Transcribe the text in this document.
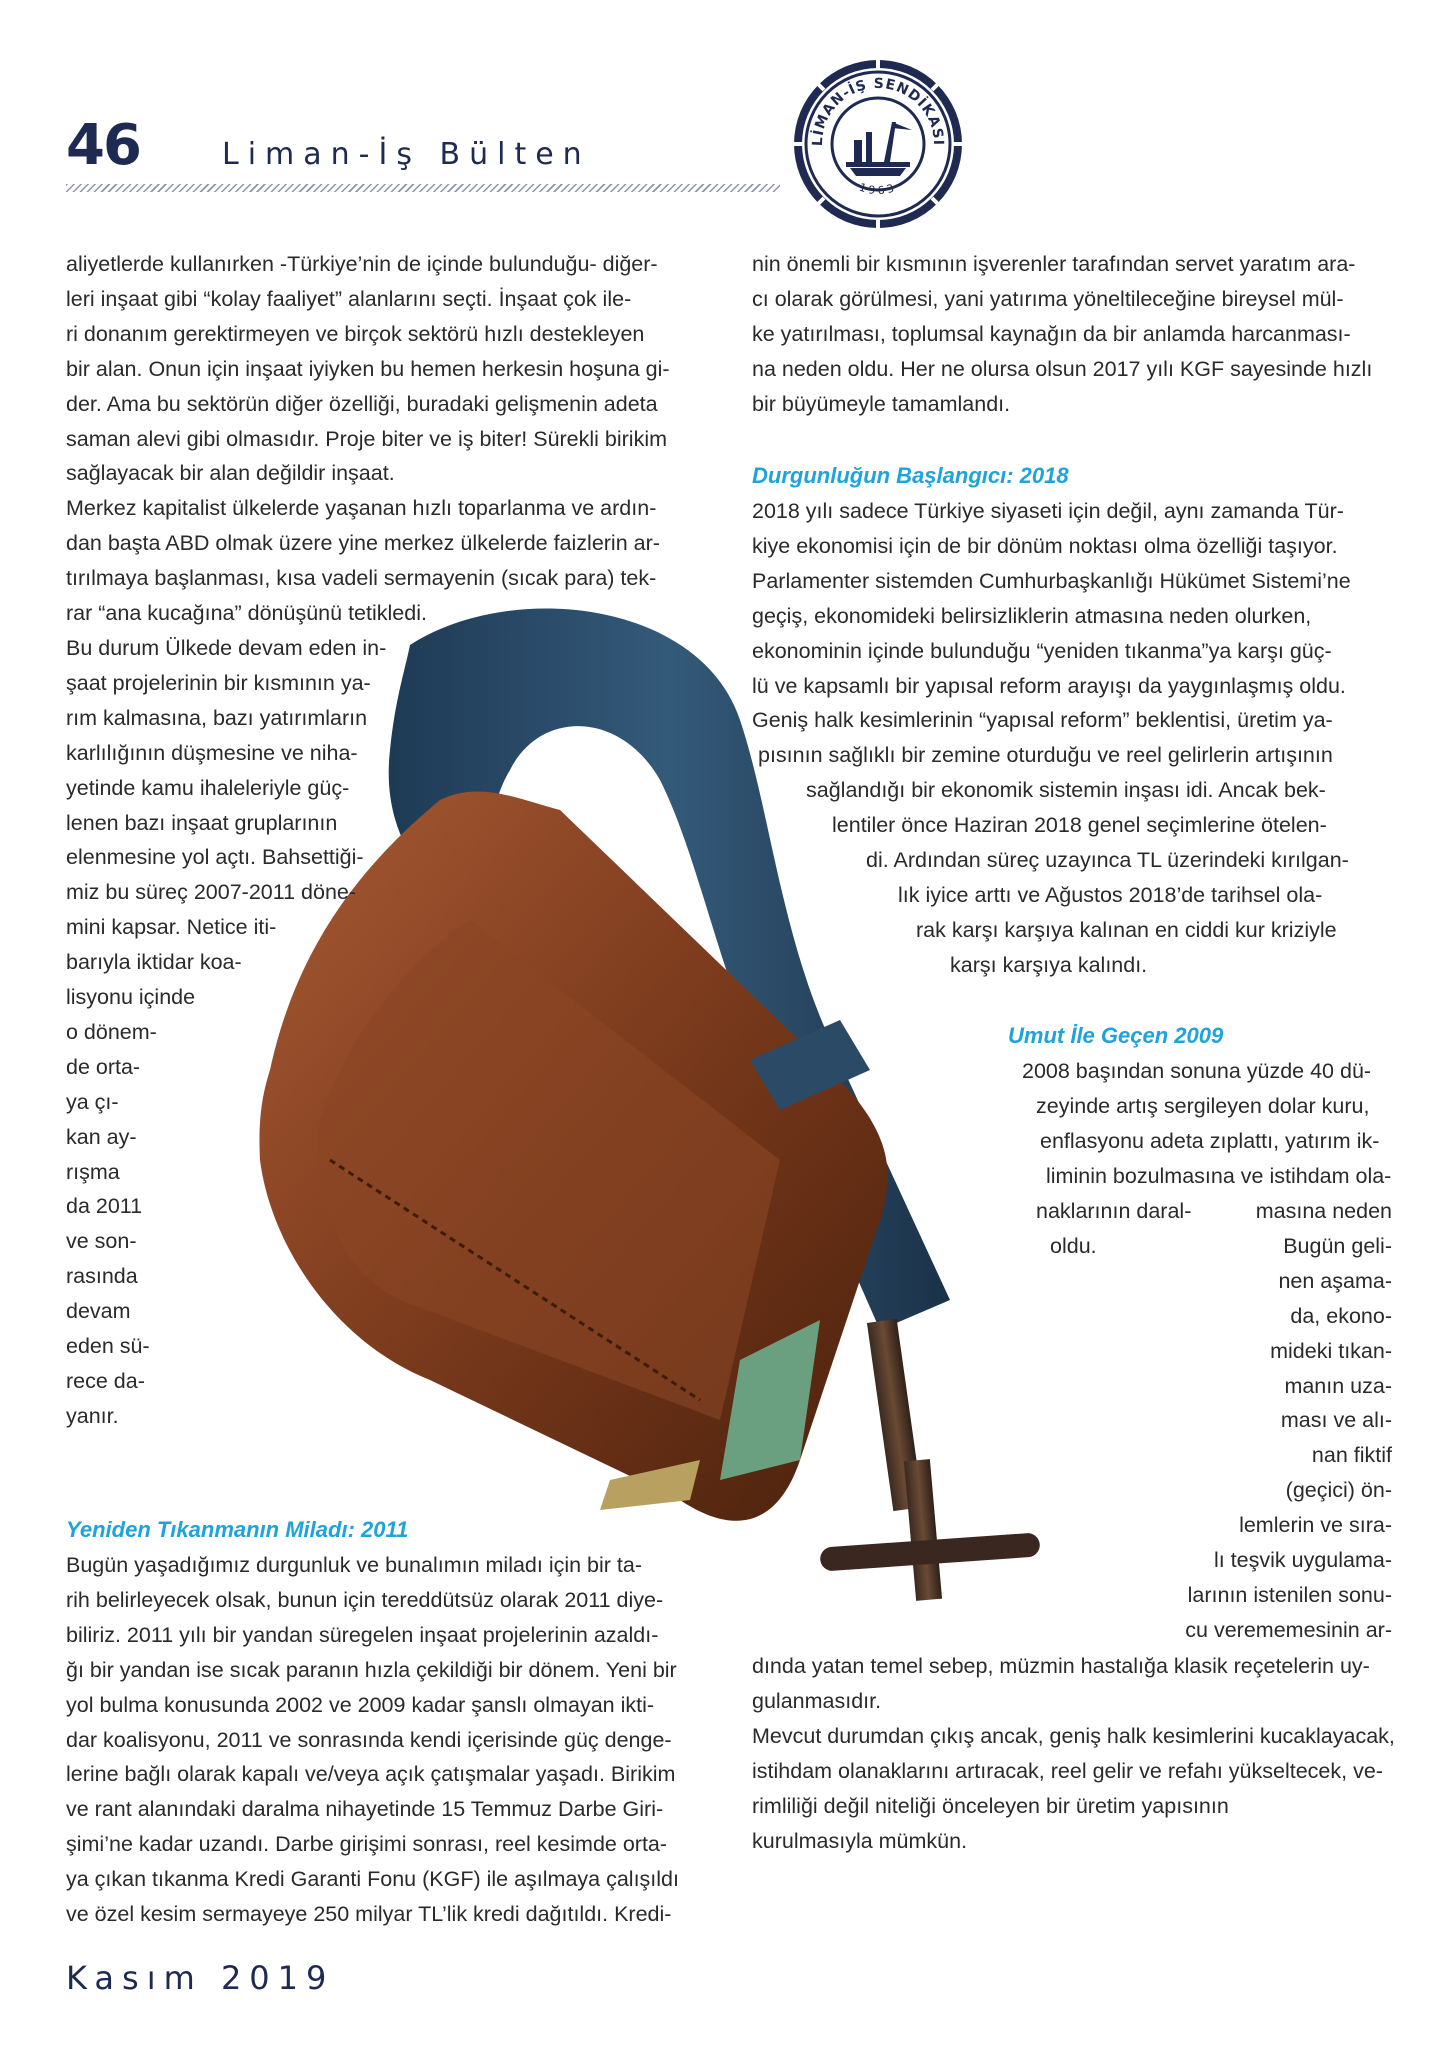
46	Liman-İş Bülten	LİMAN-İŞ SENDİKASI
1963
aliyetlerde kullanırken -Türkiye’nin de içinde bulunduğu- diğer-
leri inşaat gibi “kolay faaliyet” alanlarını seçti. İnşaat çok ile-
ri donanım gerektirmeyen ve birçok sektörü hızlı destekleyen
bir alan. Onun için inşaat iyiyken bu hemen herkesin hoşuna gi-
der. Ama bu sektörün diğer özelliği, buradaki gelişmenin adeta
saman alevi gibi olmasıdır. Proje biter ve iş biter! Sürekli birikim
sağlayacak bir alan değildir inşaat.
Merkez kapitalist ülkelerde yaşanan hızlı toparlanma ve ardın-
dan başta ABD olmak üzere yine merkez ülkelerde faizlerin ar-
tırılmaya başlanması, kısa vadeli sermayenin (sıcak para) tek-
rar “ana kucağına” dönüşünü tetikledi.
Bu durum Ülkede devam eden in-
şaat projelerinin bir kısmının ya-
rım kalmasına, bazı yatırımların
karlılığının düşmesine ve niha-
yetinde kamu ihaleleriyle güç-
lenen bazı inşaat gruplarının
elenmesine yol açtı. Bahsettiği-
miz bu süreç 2007-2011 döne-
mini kapsar. Netice iti-
barıyla iktidar koa-
lisyonu içinde
o dönem-
de orta-
ya çı-
kan ay-
rışma
da 2011
ve son-
rasında
devam
eden sü-
rece da-
yanır.
Yeniden Tıkanmanın Miladı: 2011
Bugün yaşadığımız durgunluk ve bunalımın miladı için bir ta-
rih belirleyecek olsak, bunun için tereddütsüz olarak 2011 diye-
biliriz. 2011 yılı bir yandan süregelen inşaat projelerinin azaldı-
ğı bir yandan ise sıcak paranın hızla çekildiği bir dönem. Yeni bir
yol bulma konusunda 2002 ve 2009 kadar şanslı olmayan ikti-
dar koalisyonu, 2011 ve sonrasında kendi içerisinde güç denge-
lerine bağlı olarak kapalı ve/veya açık çatışmalar yaşadı. Birikim
ve rant alanındaki daralma nihayetinde 15 Temmuz Darbe Giri-
şimi’ne kadar uzandı. Darbe girişimi sonrası, reel kesimde orta-
ya çıkan tıkanma Kredi Garanti Fonu (KGF) ile aşılmaya çalışıldı
ve özel kesim sermayeye 250 milyar TL’lik kredi dağıtıldı. Kredi-
nin önemli bir kısmının işverenler tarafından servet yaratım ara-
cı olarak görülmesi, yani yatırıma yöneltileceğine bireysel mül-
ke yatırılması, toplumsal kaynağın da bir anlamda harcanması-
na neden oldu. Her ne olursa olsun 2017 yılı KGF sayesinde hızlı
bir büyümeyle tamamlandı.
Durgunluğun Başlangıcı: 2018
2018 yılı sadece Türkiye siyaseti için değil, aynı zamanda Tür-
kiye ekonomisi için de bir dönüm noktası olma özelliği taşıyor.
Parlamenter sistemden Cumhurbaşkanlığı Hükümet Sistemi’ne
geçiş, ekonomideki belirsizliklerin atmasına neden olurken,
ekonominin içinde bulunduğu “yeniden tıkanma”ya karşı güç-
lü ve kapsamlı bir yapısal reform arayışı da yaygınlaşmış oldu.
Geniş halk kesimlerinin “yapısal reform” beklentisi, üretim ya-
pısının sağlıklı bir zemine oturduğu ve reel gelirlerin artışının
sağlandığı bir ekonomik sistemin inşası idi. Ancak bek-
lentiler önce Haziran 2018 genel seçimlerine ötelen-
di. Ardından süreç uzayınca TL üzerindeki kırılgan-
lık iyice arttı ve Ağustos 2018’de tarihsel ola-
rak karşı karşıya kalınan en ciddi kur kriziyle
karşı karşıya kalındı.
Umut İle Geçen 2009
2008 başından sonuna yüzde 40 dü-
zeyinde artış sergileyen dolar kuru,
enflasyonu adeta zıplattı, yatırım ik-
liminin bozulmasına ve istihdam ola-
naklarının daral-
oldu.
masına neden
Bugün geli-
nen aşama-
da, ekono-
mideki tıkan-
manın uza-
ması ve alı-
nan fiktif
(geçici) ön-
lemlerin ve sıra-
lı teşvik uygulama-
larının istenilen sonu-
cu verememesinin ar-
dında yatan temel sebep, müzmin hastalığa klasik reçetelerin uy-
gulanmasıdır.
Mevcut durumdan çıkış ancak, geniş halk kesimlerini kucaklayacak,
istihdam olanaklarını artıracak, reel gelir ve refahı yükseltecek, ve-
rimliliği değil niteliği önceleyen bir üretim yapısının
kurulmasıyla mümkün.
Kasım 2019
